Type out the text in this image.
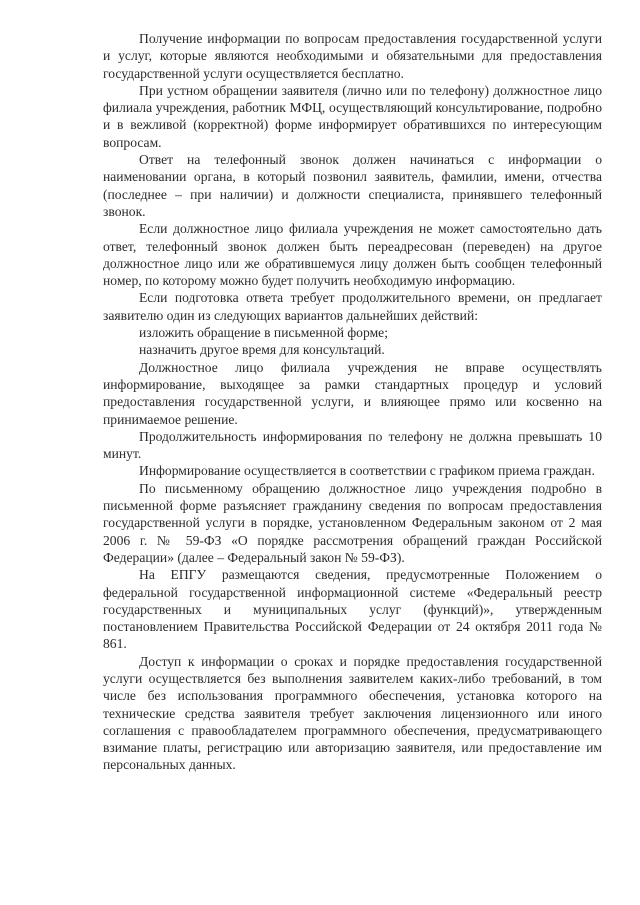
Получение информации по вопросам предоставления государственной услуги и услуг, которые являются необходимыми и обязательными для предоставления государственной услуги осуществляется бесплатно.

При устном обращении заявителя (лично или по телефону) должностное лицо филиала учреждения, работник МФЦ, осуществляющий консультирование, подробно и в вежливой (корректной) форме информирует обратившихся по интересующим вопросам.

Ответ на телефонный звонок должен начинаться с информации о наименовании органа, в который позвонил заявитель, фамилии, имени, отчества (последнее – при наличии) и должности специалиста, принявшего телефонный звонок.

Если должностное лицо филиала учреждения не может самостоятельно дать ответ, телефонный звонок должен быть переадресован (переведен) на другое должностное лицо или же обратившемуся лицу должен быть сообщен телефонный номер, по которому можно будет получить необходимую информацию.

Если подготовка ответа требует продолжительного времени, он предлагает заявителю один из следующих вариантов дальнейших действий:

изложить обращение в письменной форме;

назначить другое время для консультаций.

Должностное лицо филиала учреждения не вправе осуществлять информирование, выходящее за рамки стандартных процедур и условий предоставления государственной услуги, и влияющее прямо или косвенно на принимаемое решение.

Продолжительность информирования по телефону не должна превышать 10 минут.

Информирование осуществляется в соответствии с графиком приема граждан.

По письменному обращению должностное лицо учреждения подробно в письменной форме разъясняет гражданину сведения по вопросам предоставления государственной услуги в порядке, установленном Федеральным законом от 2 мая 2006 г. № 59-ФЗ «О порядке рассмотрения обращений граждан Российской Федерации» (далее – Федеральный закон № 59-ФЗ).

На ЕПГУ размещаются сведения, предусмотренные Положением о федеральной государственной информационной системе «Федеральный реестр государственных и муниципальных услуг (функций)», утвержденным постановлением Правительства Российской Федерации от 24 октября 2011 года № 861.

Доступ к информации о сроках и порядке предоставления государственной услуги осуществляется без выполнения заявителем каких-либо требований, в том числе без использования программного обеспечения, установка которого на технические средства заявителя требует заключения лицензионного или иного соглашения с правообладателем программного обеспечения, предусматривающего взимание платы, регистрацию или авторизацию заявителя, или предоставление им персональных данных.
